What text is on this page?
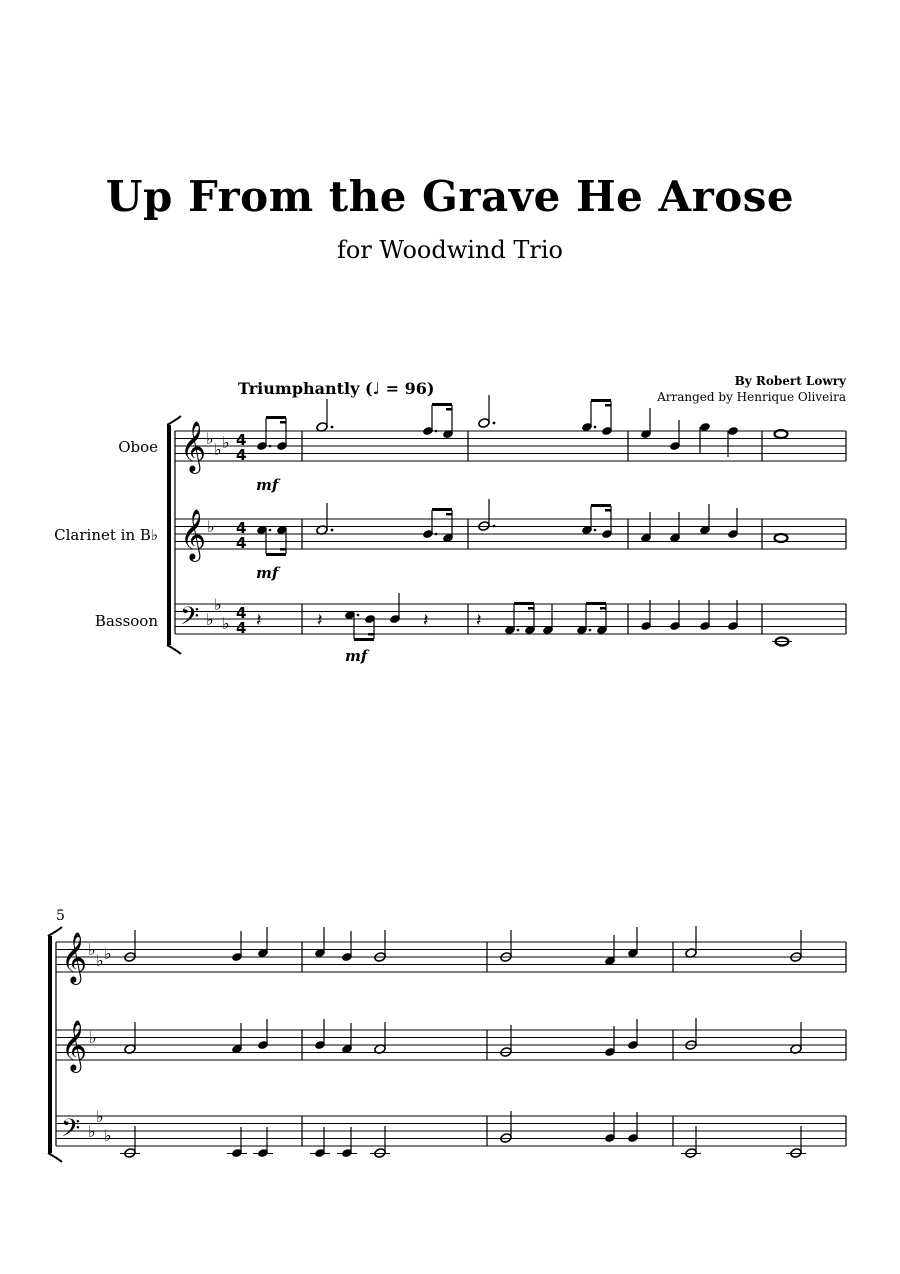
Up From the Grave He Arose
for Woodwind Trio
By Robert Lowry
Arranged by Henrique Oliveira
Triumphantly (♩ = 96)
Oboe
Clarinet in B♭
Bassoon
5
𝄞
𝄞
𝄢
♭
♭ ♭
♭
♭
♭
♭
4
4
4
4
4
4 𝄽	𝄽	𝄽	𝄽
mf
mf
mf
𝄞
𝄞
𝄢
♭
♭ ♭
♭
♭
♭
♭
